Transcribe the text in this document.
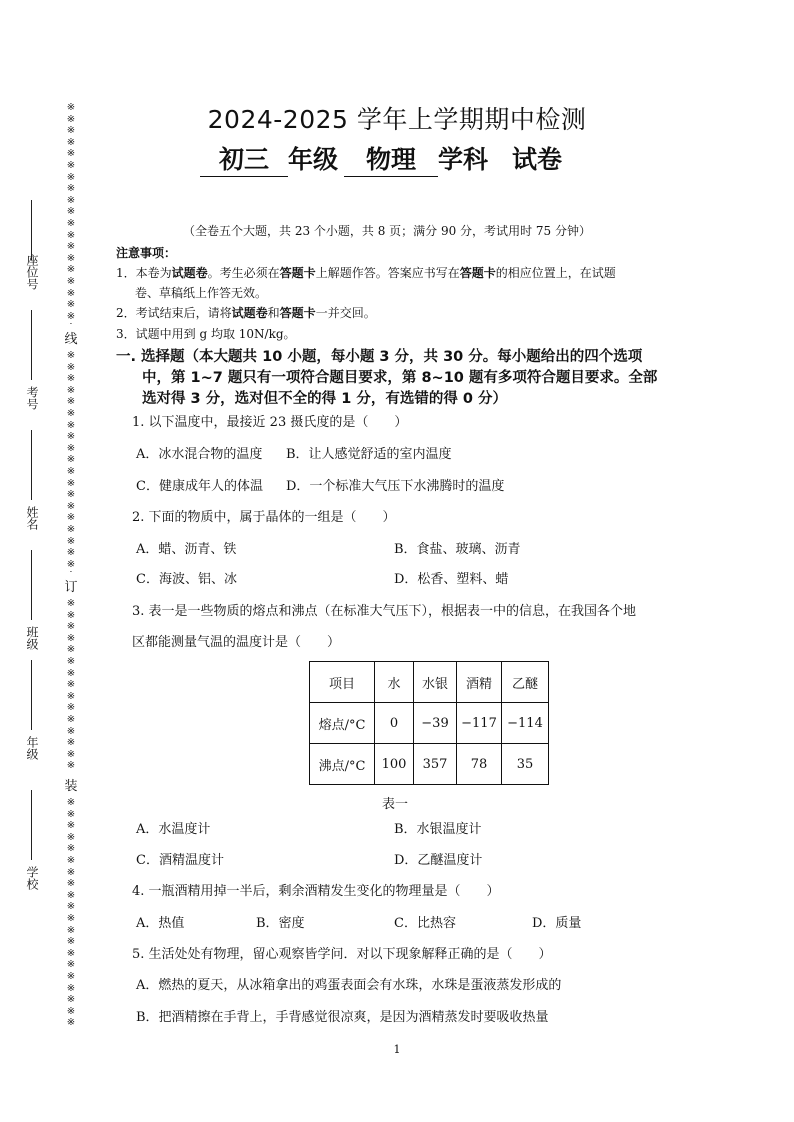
※※※※※※※※※※※※※※※※※※※
线
※※※※※※※※※※※※※※※※※※※
订
※※※※※※※※※※※※※※※
装
※※※※※※※※※※※※※※※※※※※※
座位号
考号
姓名
班级
年级
学校
2024-2025 学年上学期期中检测
初三 年级 物理 学科 试卷
（全卷五个大题，共 23 个小题，共 8 页；满分 90 分，考试用时 75 分钟）
注意事项：
1．本卷为试题卷。考生必须在答题卡上解题作答。答案应书写在答题卡的相应位置上，在试题
卷、草稿纸上作答无效。
2．考试结束后，请将试题卷和答题卡一并交回。
3．试题中用到 g 均取 10N/kg。
一. 选择题（本大题共 10 小题，每小题 3 分，共 30 分。每小题给出的四个选项
中，第 1~7 题只有一项符合题目要求，第 8~10 题有多项符合题目要求。全部
选对得 3 分，选对但不全的得 1 分，有选错的得 0 分）
1. 以下温度中，最接近 23 摄氏度的是（　　）
A．冰水混合物的温度 B．让人感觉舒适的室内温度
C．健康成年人的体温 D．一个标准大气压下水沸腾时的温度
2. 下面的物质中，属于晶体的一组是（　　）
A．蜡、沥青、铁	B．食盐、玻璃、沥青
C．海波、铝、冰	D．松香、塑料、蜡
3. 表一是一些物质的熔点和沸点（在标准大气压下），根据表一中的信息，在我国各个地
区都能测量气温的温度计是（　　）
项目	水	水银	酒精	乙醚
熔点/°C	0	−39	−117	−114
沸点/°C	100	357	78	35
表一
A．水温度计	B．水银温度计
C．酒精温度计	D．乙醚温度计
4. 一瓶酒精用掉一半后，剩余酒精发生变化的物理量是（　　）
A．热值	B．密度	C．比热容	D．质量
5. 生活处处有物理，留心观察皆学问．对以下现象解释正确的是（　　）
A．燃热的夏天，从冰箱拿出的鸡蛋表面会有水珠，水珠是蛋液蒸发形成的
B．把酒精擦在手背上，手背感觉很凉爽，是因为酒精蒸发时要吸收热量
1
